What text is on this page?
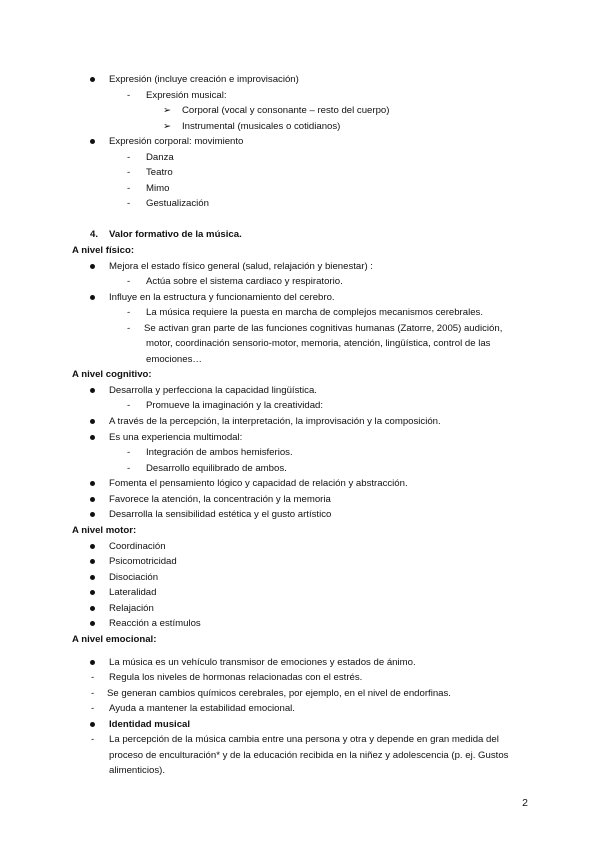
Expresión (incluye creación e improvisación)
- Expresión musical:
➢ Corporal (vocal y consonante – resto del cuerpo)
➢ Instrumental (musicales o cotidianos)
Expresión corporal: movimiento
- Danza
- Teatro
- Mimo
- Gestualización
4. Valor formativo de la música.
A nivel físico:
Mejora el estado físico general (salud, relajación y bienestar) :
- Actúa sobre el sistema cardiaco y respiratorio.
Influye en la estructura y funcionamiento del cerebro.
- La música requiere la puesta en marcha de complejos mecanismos cerebrales.
- Se activan gran parte de las funciones cognitivas humanas (Zatorre, 2005) audición,
motor, coordinación sensorio-motor, memoria, atención, lingüística, control de las
emociones…
A nivel cognitivo:
Desarrolla y perfecciona la capacidad lingüística.
- Promueve la imaginación y la creatividad:
A través de la percepción, la interpretación, la improvisación y la composición.
Es una experiencia multimodal:
- Integración de ambos hemisferios.
- Desarrollo equilibrado de ambos.
Fomenta el pensamiento lógico y capacidad de relación y abstracción.
Favorece la atención, la concentración y la memoria
Desarrolla la sensibilidad estética y el gusto artístico
A nivel motor:
Coordinación
Psicomotricidad
Disociación
Lateralidad
Relajación
Reacción a estímulos
A nivel emocional:
La música es un vehículo transmisor de emociones y estados de ánimo.
- Regula los niveles de hormonas relacionadas con el estrés.
- Se generan cambios químicos cerebrales, por ejemplo, en el nivel de endorfinas.
- Ayuda a mantener la estabilidad emocional.
Identidad musical
- La percepción de la música cambia entre una persona y otra y depende en gran medida del
proceso de enculturación* y de la educación recibida en la niñez y adolescencia (p. ej. Gustos
alimenticios).
2
